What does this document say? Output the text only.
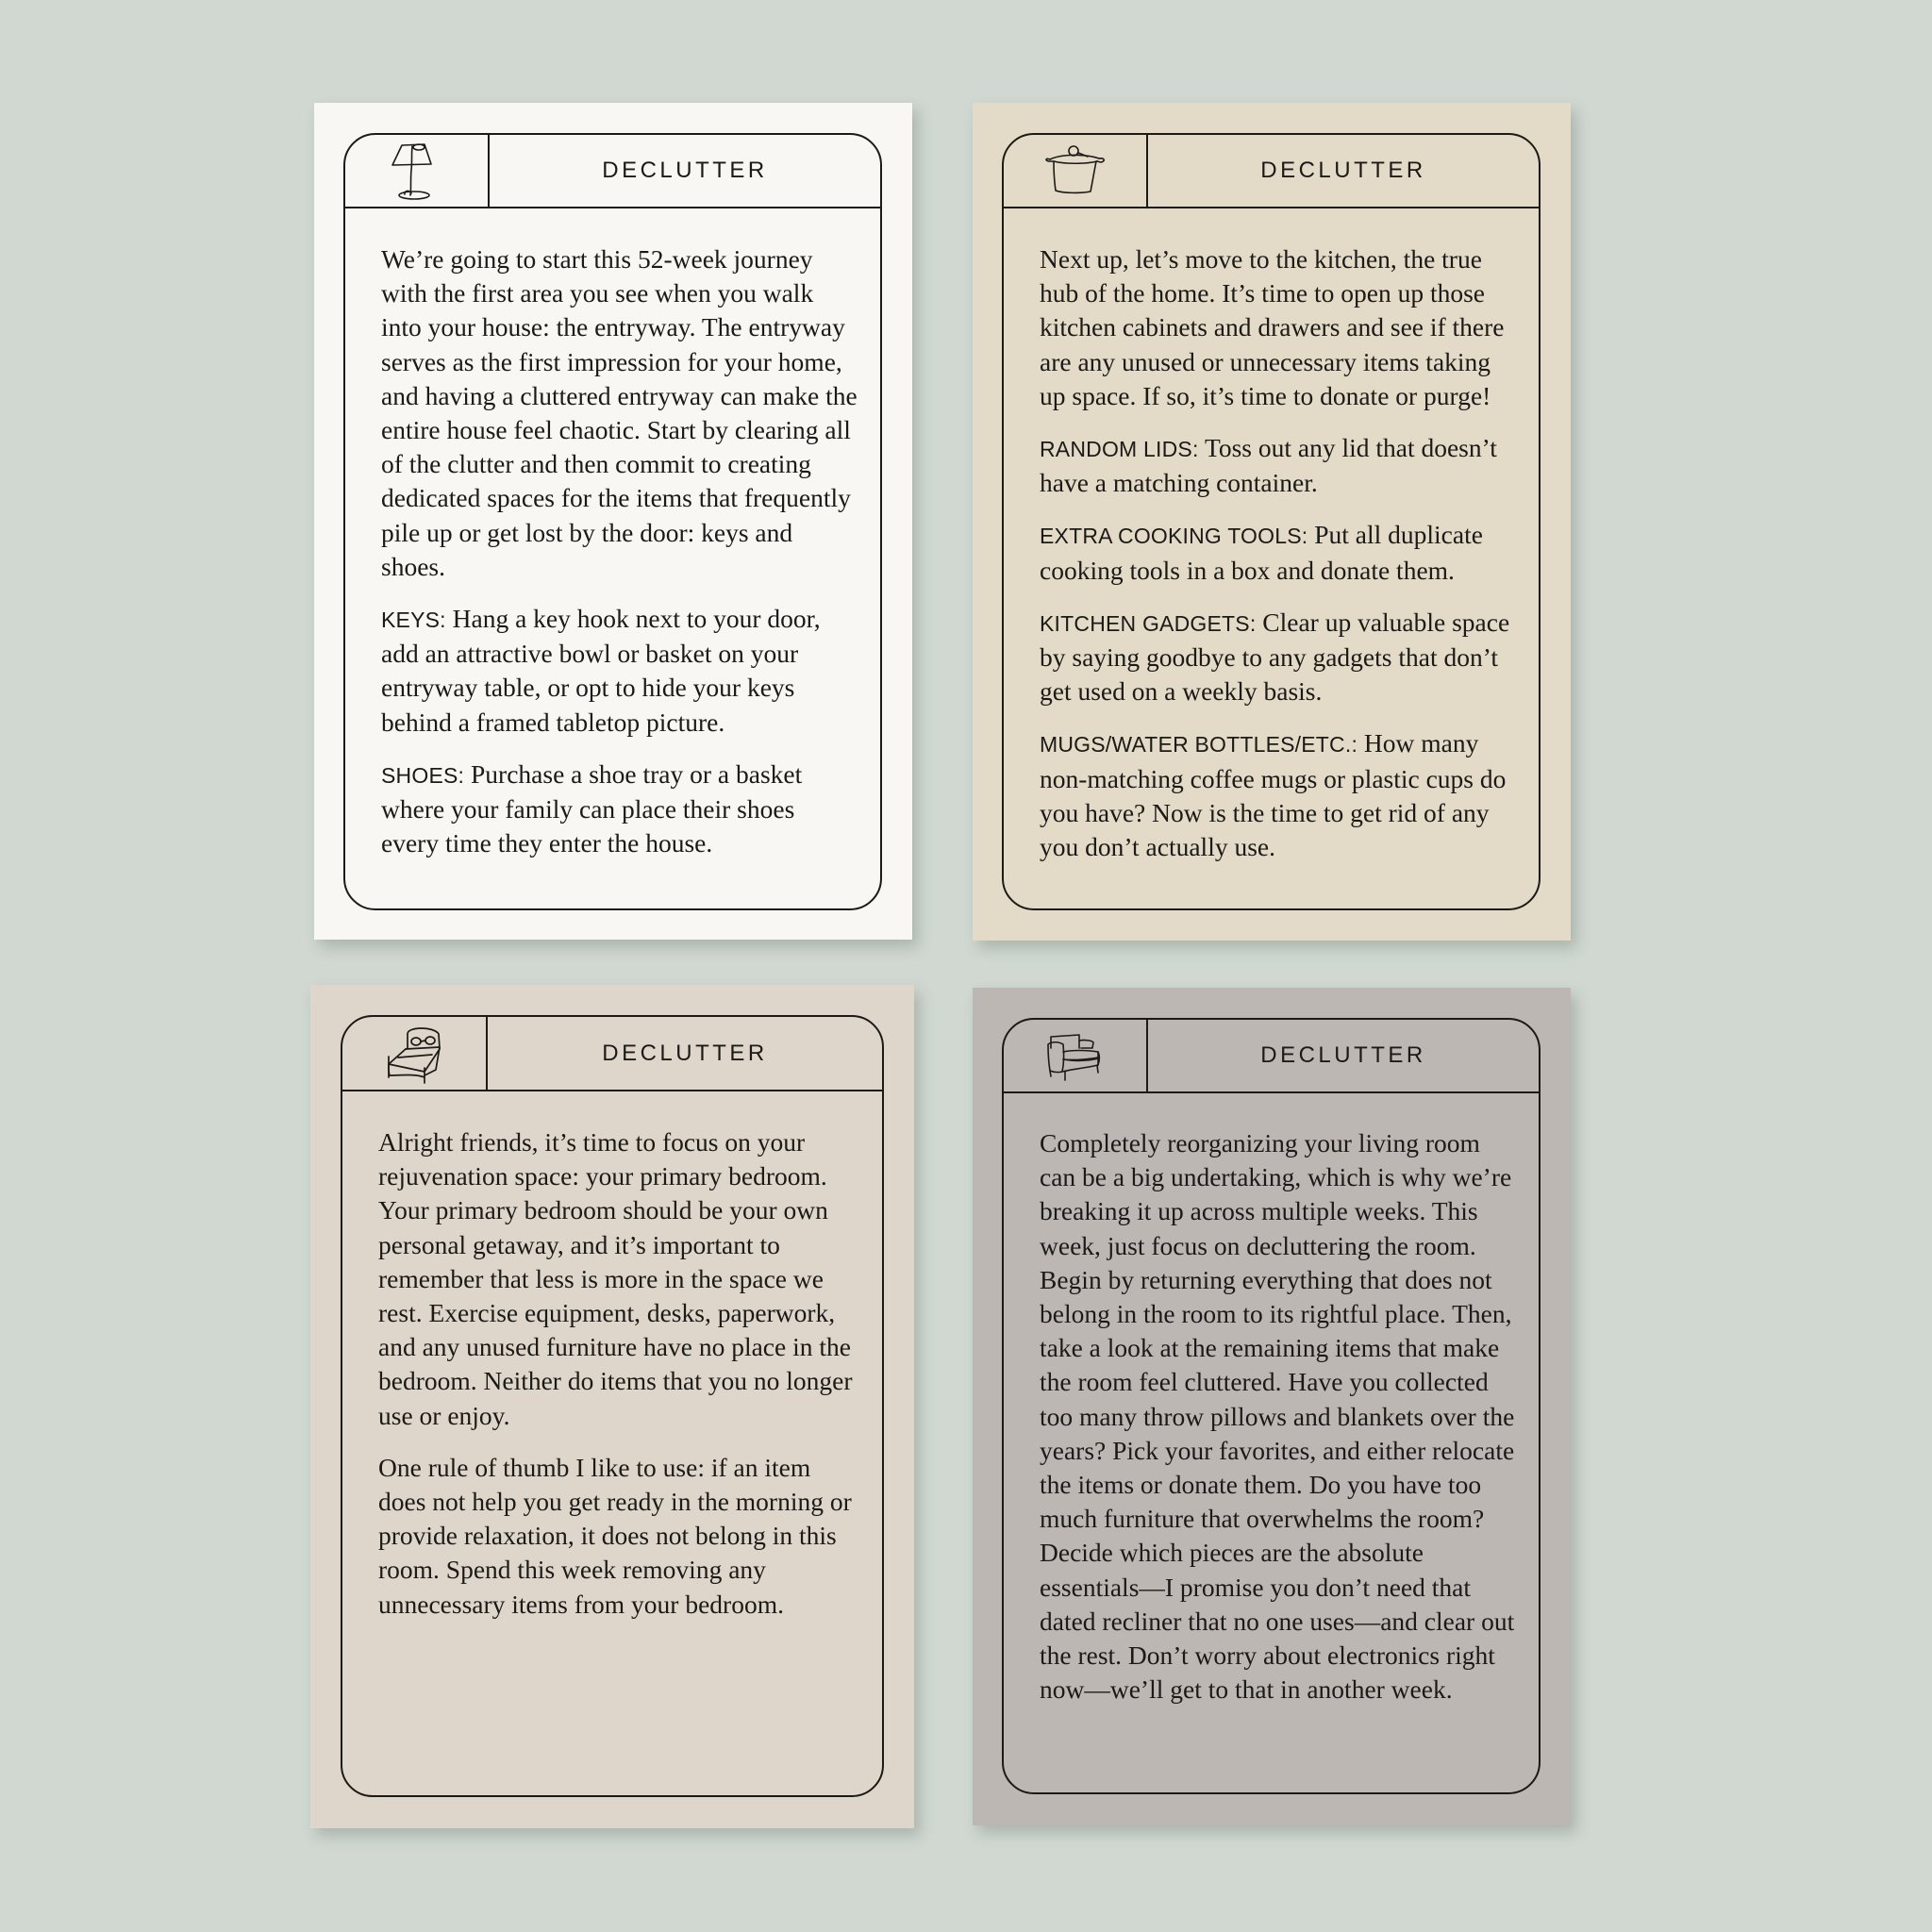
DECLUTTER

We’re going to start this 52-week journey with the first area you see when you walk into your house: the entryway. The entryway serves as the first impression for your home, and having a cluttered entryway can make the entire house feel chaotic. Start by clearing all of the clutter and then commit to creating dedicated spaces for the items that frequently pile up or get lost by the door: keys and shoes.

KEYS: Hang a key hook next to your door, add an attractive bowl or basket on your entryway table, or opt to hide your keys behind a framed tabletop picture.

SHOES: Purchase a shoe tray or a basket where your family can place their shoes every time they enter the house.

DECLUTTER

Next up, let’s move to the kitchen, the true hub of the home. It’s time to open up those kitchen cabinets and drawers and see if there are any unused or unnecessary items taking up space. If so, it’s time to donate or purge!

RANDOM LIDS: Toss out any lid that doesn’t have a matching container.

EXTRA COOKING TOOLS: Put all duplicate cooking tools in a box and donate them.

KITCHEN GADGETS: Clear up valuable space by saying goodbye to any gadgets that don’t get used on a weekly basis.

MUGS/WATER BOTTLES/ETC.: How many non-matching coffee mugs or plastic cups do you have? Now is the time to get rid of any you don’t actually use.

DECLUTTER

Alright friends, it’s time to focus on your rejuvenation space: your primary bedroom. Your primary bedroom should be your own personal getaway, and it’s important to remember that less is more in the space we rest. Exercise equipment, desks, paperwork, and any unused furniture have no place in the bedroom. Neither do items that you no longer use or enjoy.

One rule of thumb I like to use: if an item does not help you get ready in the morning or provide relaxation, it does not belong in this room. Spend this week removing any unnecessary items from your bedroom.

DECLUTTER

Completely reorganizing your living room can be a big undertaking, which is why we’re breaking it up across multiple weeks. This week, just focus on decluttering the room. Begin by returning everything that does not belong in the room to its rightful place. Then, take a look at the remaining items that make the room feel cluttered. Have you collected too many throw pillows and blankets over the years? Pick your favorites, and either relocate the items or donate them. Do you have too much furniture that overwhelms the room? Decide which pieces are the absolute essentials—I promise you don’t need that dated recliner that no one uses—and clear out the rest. Don’t worry about electronics right now—we’ll get to that in another week.
